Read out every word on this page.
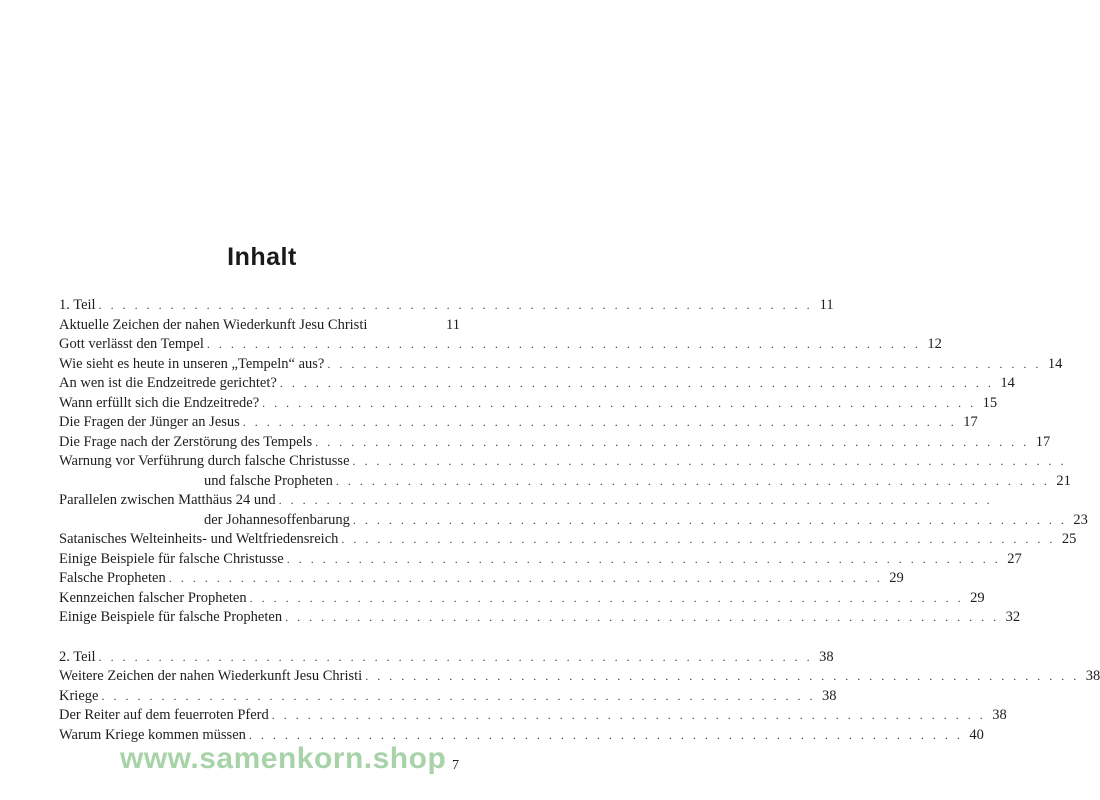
Inhalt
1. Teil . . . . . . . . . . . . . . . . . . . . . . . . . . . . . . . . . . . . . . . . . . . . . . . . . . . . . . . . . . . . 11
Aktuelle Zeichen der nahen Wiederkunft Jesu Christi	11
Gott verlässt den Tempel . . . . . . . . . . . . . . . . . . . . . . . . . . . . . . . . . . . . . . . . . . . . . . . . . . . . . . . . . . . . 12
Wie sieht es heute in unseren „Tempeln“ aus? . . . . . . . . . . . . . . . . . . . . . . . . . . . . . . . . . . . . . . . . . . . . . . . . . . . . . . . . . . . . 14
An wen ist die Endzeitrede gerichtet? . . . . . . . . . . . . . . . . . . . . . . . . . . . . . . . . . . . . . . . . . . . . . . . . . . . . . . . . . . . . 14
Wann erfüllt sich die Endzeitrede? . . . . . . . . . . . . . . . . . . . . . . . . . . . . . . . . . . . . . . . . . . . . . . . . . . . . . . . . . . . . 15
Die Fragen der Jünger an Jesus . . . . . . . . . . . . . . . . . . . . . . . . . . . . . . . . . . . . . . . . . . . . . . . . . . . . . . . . . . . . 17
Die Frage nach der Zerstörung des Tempels . . . . . . . . . . . . . . . . . . . . . . . . . . . . . . . . . . . . . . . . . . . . . . . . . . . . . . . . . . . . 17
Warnung vor Verführung durch falsche Christusse . . . . . . . . . . . . . . . . . . . . . . . . . . . . . . . . . . . . . . . . . . . . . . . . . . . . . . . . . . . .
und falsche Propheten . . . . . . . . . . . . . . . . . . . . . . . . . . . . . . . . . . . . . . . . . . . . . . . . . . . . . . . . . . . . 21
Parallelen zwischen Matthäus 24 und . . . . . . . . . . . . . . . . . . . . . . . . . . . . . . . . . . . . . . . . . . . . . . . . . . . . . . . . . . . .
der Johannesoffenbarung . . . . . . . . . . . . . . . . . . . . . . . . . . . . . . . . . . . . . . . . . . . . . . . . . . . . . . . . . . . . 23
Satanisches Welteinheits- und Weltfriedensreich . . . . . . . . . . . . . . . . . . . . . . . . . . . . . . . . . . . . . . . . . . . . . . . . . . . . . . . . . . . . 25
Einige Beispiele für falsche Christusse . . . . . . . . . . . . . . . . . . . . . . . . . . . . . . . . . . . . . . . . . . . . . . . . . . . . . . . . . . . . 27
Falsche Propheten . . . . . . . . . . . . . . . . . . . . . . . . . . . . . . . . . . . . . . . . . . . . . . . . . . . . . . . . . . . . 29
Kennzeichen falscher Propheten . . . . . . . . . . . . . . . . . . . . . . . . . . . . . . . . . . . . . . . . . . . . . . . . . . . . . . . . . . . . 29
Einige Beispiele für falsche Propheten . . . . . . . . . . . . . . . . . . . . . . . . . . . . . . . . . . . . . . . . . . . . . . . . . . . . . . . . . . . . 32
2. Teil . . . . . . . . . . . . . . . . . . . . . . . . . . . . . . . . . . . . . . . . . . . . . . . . . . . . . . . . . . . . 38
Weitere Zeichen der nahen Wiederkunft Jesu Christi . . . . . . . . . . . . . . . . . . . . . . . . . . . . . . . . . . . . . . . . . . . . . . . . . . . . . . . . . . . . 38
Kriege . . . . . . . . . . . . . . . . . . . . . . . . . . . . . . . . . . . . . . . . . . . . . . . . . . . . . . . . . . . . 38
Der Reiter auf dem feuerroten Pferd . . . . . . . . . . . . . . . . . . . . . . . . . . . . . . . . . . . . . . . . . . . . . . . . . . . . . . . . . . . . 38
Warum Kriege kommen müssen . . . . . . . . . . . . . . . . . . . . . . . . . . . . . . . . . . . . . . . . . . . . . . . . . . . . . . . . . . . . 40
www.samenkorn.shop 7
